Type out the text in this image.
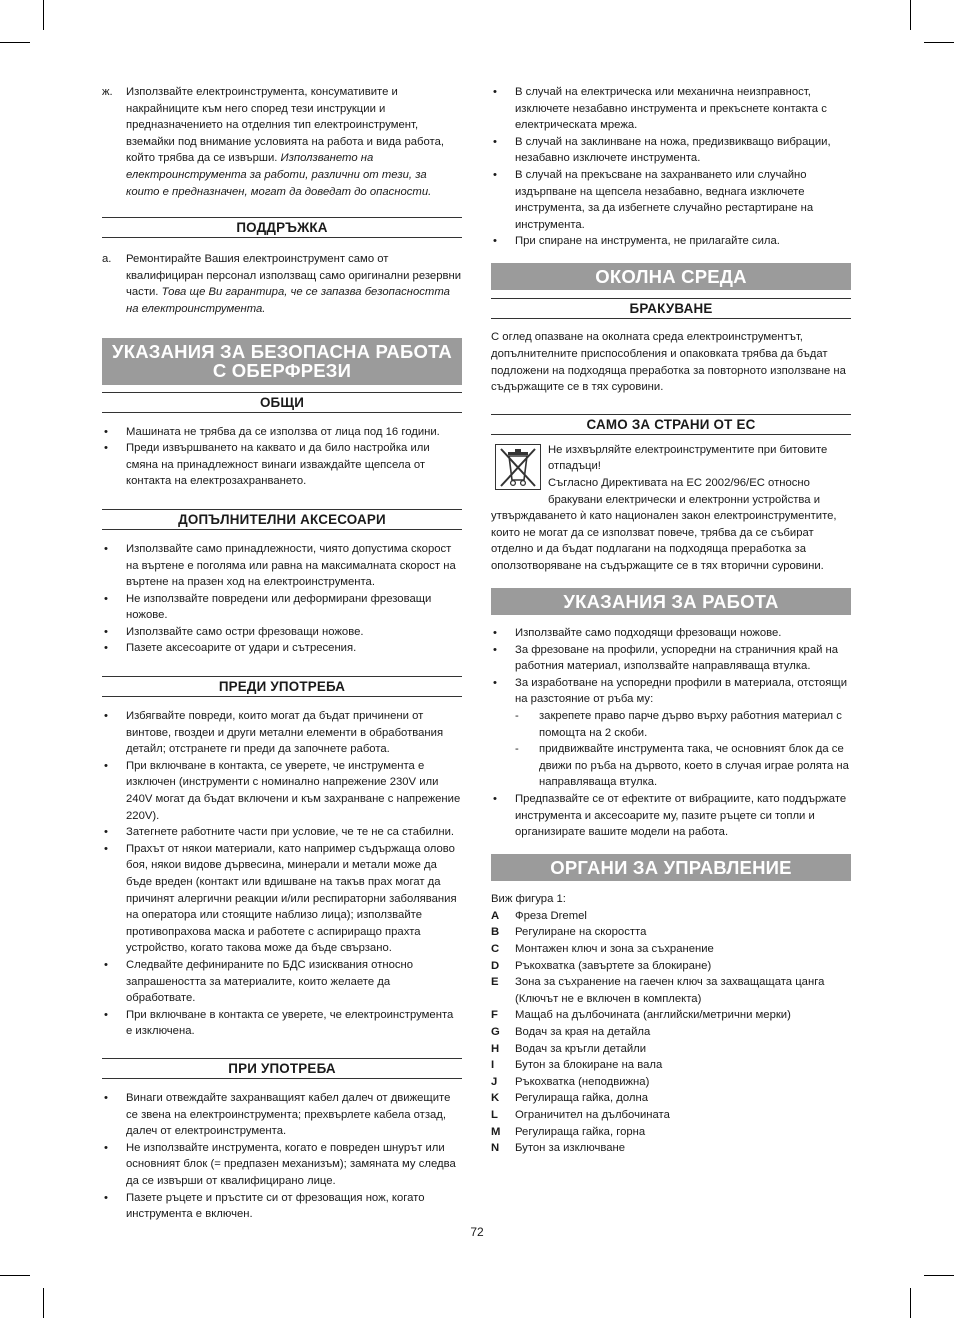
ж. Използвайте електроинструмента, консумативите и накрайниците към него според тези инструкции и предназначението на отделния тип електроинструмент, вземайки под внимание условията на работа и вида работа, който трябва да се извърши. Използването на електроинструмента за работи, различни от тези, за които е предназначен, могат да доведат до опасности.
ПОДДРЪЖКА
а. Ремонтирайте Вашия електроинструмент само от квалифициран персонал използващ само оригинални резервни части. Това ще Ви гарантира, че се запазва безопасността на електроинструмента.
УКАЗАНИЯ ЗА БЕЗОПАСНА РАБОТА С ОБЕРФРЕЗИ
ОБЩИ
• Машината не трябва да се използва от лица под 16 години.
• Преди извършването на каквато и да било настройка или смяна на принадлежност винаги изваждайте щепсела от контакта на електрозахранването.
ДОПЪЛНИТЕЛНИ АКСЕСОАРИ
• Използвайте само принадлежности, чиято допустима скорост на въртене е поголяма или равна на максималната скорост на въртене на празен ход на електроинструмента.
• Не използвайте повредени или деформирани фрезоващи ножове.
• Използвайте само остри фрезоващи ножове.
• Пазете аксесоарите от удари и сътресения.
ПРЕДИ УПОТРЕБА
• Избягвайте повреди, които могат да бъдат причинени от винтове, гвоздеи и други метални елементи в обработвания детайл; отстранете ги преди да започнете работа.
• При включване в контакта, се уверете, че инструмента е изключен (инструменти с номинално напрежение 230V или 240V могат да бъдат включени и към захранване с напрежение 220V).
• Затегнете работните части при условие, че те не са стабилни.
• Прахът от някои материали, като например съдържаща олово боя, някои видове дървесина, минерали и метали може да бъде вреден (контакт или вдишване на такъв прах могат да причинят алергични реакции и/или респираторни заболявания на оператора или стоящите наблизо лица); използвайте противопрахова маска и работете с аспириращо прахта устройство, когато такова може да бъде свързано.
• Следвайте дефинираните по БДС изисквания относно запрашеността за материалите, които желаете да обработвате.
• При включване в контакта се уверете, че електроинструмента е изключена.
ПРИ УПОТРЕБА
• Винаги отвеждайте захранващият кабел далеч от движещите се звена на електроинструмента; прехвърлете кабела отзад, далеч от електроинструмента.
• Не използвайте инструмента, когато е повреден шнурът или основният блок (= предпазен механизъм); замяната му следва да се извърши от квалифицирано лице.
• Пазете ръцете и пръстите си от фрезоващия нож, когато инструмента е включен.
• В случай на електрическа или механична неизправност, изключете незабавно инструмента и прекъснете контакта с електрическата мрежа.
• В случай на заклинване на ножа, предизвикващо вибрации, незабавно изключете инструмента.
• В случай на прекъсване на захранването или случайно издърпване на щепсела незабавно, веднага изключете инструмента, за да избегнете случайно рестартиране на инструмента.
• При спиране на инструмента, не прилагайте сила.
ОКОЛНА СРЕДА
БРАКУВАНЕ

С оглед опазване на околната среда електроинструментът, допълнителните приспособления и опаковката трябва да бъдат подложени на подходяща преработка за повторното използване на съдържащите се в тях суровини.

САМО ЗА СТРАНИ ОТ ЕС

Не изхвърляйте електроинструментите при битовите отпадъци!

Съгласно Директивата на ЕС 2002/96/ЕС относно бракувани електрически и електронни устройства и

утвърждаването ѝ като национален закон електроинструментите, които не могат да се използват повече, трябва да се събират отделно и да бъдат подлагани на подходяща преработка за оползотворяване на съдържащите се в тях вторични суровини.

УКАЗАНИЯ ЗА РАБОТА
• Използвайте само подходящи фрезоващи ножове.
• За фрезоване на профили, успоредни на страничния край на работния материал, използвайте направляваща втулка.
• За изработване на успоредни профили в материала, отстоящи на разстояние от ръба му:
- закрепете право парче дърво върху работния материал с помощта на 2 скоби.
- придвижвайте инструмента така, че основният блок да се движи по ръба на дървото, което в случая играе ролята на направляваща втулка.
• Предпазвайте се от ефектите от вибрациите, като поддържате инструмента и аксесоарите му, пазите ръцете си топли и организирате вашите модели на работа.
ОРГАНИ ЗА УПРАВЛЕНИЕ

Виж фигура 1:

A Фреза Dremel
B Регулиране на скоростта
C Монтажен ключ и зона за съхранение
D Ръкохватка (завъртете за блокиране)
E Зона за съхранение на гаечен ключ за захващащата цанга (Ключът не е включен в комплекта)
F Мащаб на дълбочината (английски/метрични мерки)
G Водач за края на детайла
H Водач за кръгли детайли
I Бутон за блокиране на вала
J Ръкохватка (неподвижна)
K Регулираща гайка, долна
L Ограничител на дълбочината
M Регулираща гайка, горна
N Бутон за изключване
72
